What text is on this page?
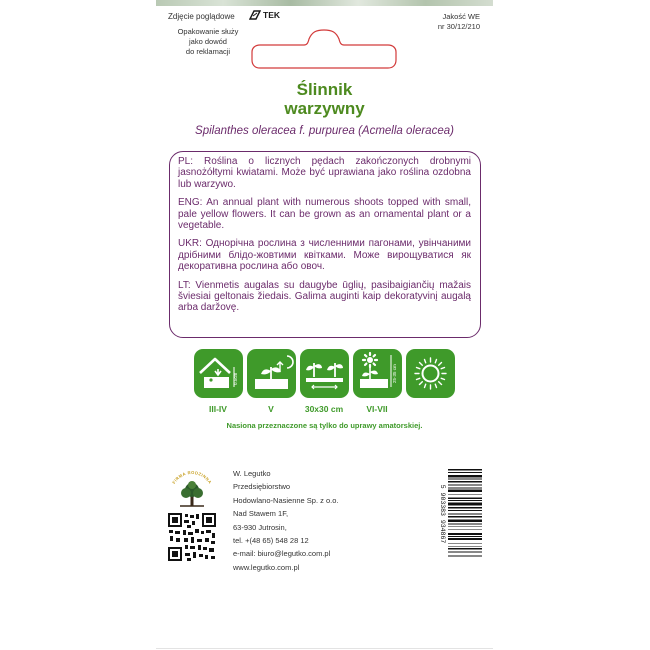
Zdjęcie poglądowe	TEK	Jakość WE
nr 30/12/210
Opakowanie służy
jako dowód
do reklamacji
Ślinnik
warzywny
Spilanthes oleracea f. purpurea (Acmella oleracea)

PL: Roślina o licznych pędach zakończonych drobnymi jasnożółtymi kwiatami. Może być uprawiana jako roślina ozdobna lub warzywo.

ENG: An annual plant with numerous shoots topped with small, pale yellow flowers. It can be grown as an ornamental plant or a vegetable.

UKR: Однорічна рослина з численними пагонами, увінчаними дрібними блідо-жовтими квітками. Може вирощуватися як декоративна рослина або овоч.

LT: Vienmetis augalas su daugybe ūglių, pasibaigiančių mažais šviesiai geltonais žiedais. Galima auginti kaip dekoratyvinį augalą arba daržovę.

0.5cm	25-35 cm
III-IV	V	30x30 cm	VI-VII
Nasiona przeznaczone są tylko do uprawy amatorskiej.
FIRMA RODZINNA
W. Legutko
Przedsiębiorstwo
Hodowlano-Nasienne Sp. z o.o.
Nad Stawem 1F,
63-930 Jutrosin,
tel. +(48 65) 548 28 12
e-mail: biuro@legutko.com.pl
www.legutko.com.pl
5 903383 934867
